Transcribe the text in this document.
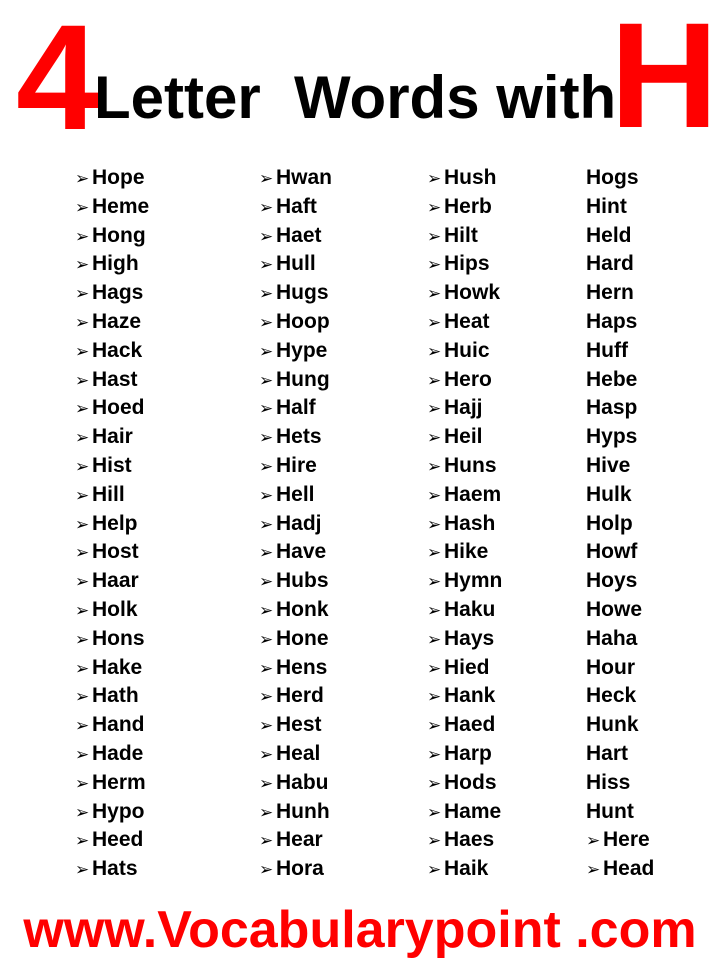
4
Letter Words with
H
➢ Hope
➢ Heme
➢ Hong
➢ High
➢ Hags
➢ Haze
➢ Hack
➢ Hast
➢ Hoed
➢ Hair
➢ Hist
➢ Hill
➢ Help
➢ Host
➢ Haar
➢ Holk
➢ Hons
➢ Hake
➢ Hath
➢ Hand
➢ Hade
➢ Herm
➢ Hypo
➢ Heed
➢ Hats
➢ Hwan
➢ Haft
➢ Haet
➢ Hull
➢ Hugs
➢ Hoop
➢ Hype
➢ Hung
➢ Half
➢ Hets
➢ Hire
➢ Hell
➢ Hadj
➢ Have
➢ Hubs
➢ Honk
➢ Hone
➢ Hens
➢ Herd
➢ Hest
➢ Heal
➢ Habu
➢ Hunh
➢ Hear
➢ Hora
➢ Hush
➢ Herb
➢ Hilt
➢ Hips
➢ Howk
➢ Heat
➢ Huic
➢ Hero
➢ Hajj
➢ Heil
➢ Huns
➢ Haem
➢ Hash
➢ Hike
➢ Hymn
➢ Haku
➢ Hays
➢ Hied
➢ Hank
➢ Haed
➢ Harp
➢ Hods
➢ Hame
➢ Haes
➢ Haik
Hogs
Hint
Held
Hard
Hern
Haps
Huff
Hebe
Hasp
Hyps
Hive
Hulk
Holp
Howf
Hoys
Howe
Haha
Hour
Heck
Hunk
Hart
Hiss
Hunt
➢ Here
➢ Head
www.Vocabularypoint .com
